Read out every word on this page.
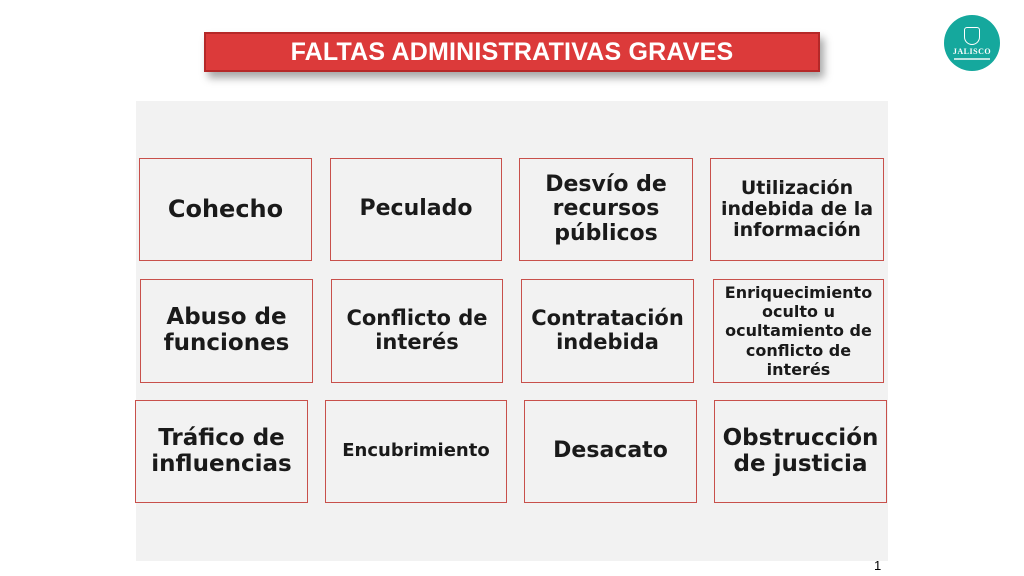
FALTAS ADMINISTRATIVAS GRAVES	JALISCO
Cohecho	Peculado
Desvío de recursos públicos
Utilización indebida de la información
Abuso de funciones
Conflicto de interés
Contratación indebida
Enriquecimiento oculto u ocultamiento de conflicto de interés
Tráfico de influencias	Encubrimiento	Desacato	Obstrucción de justicia
1
